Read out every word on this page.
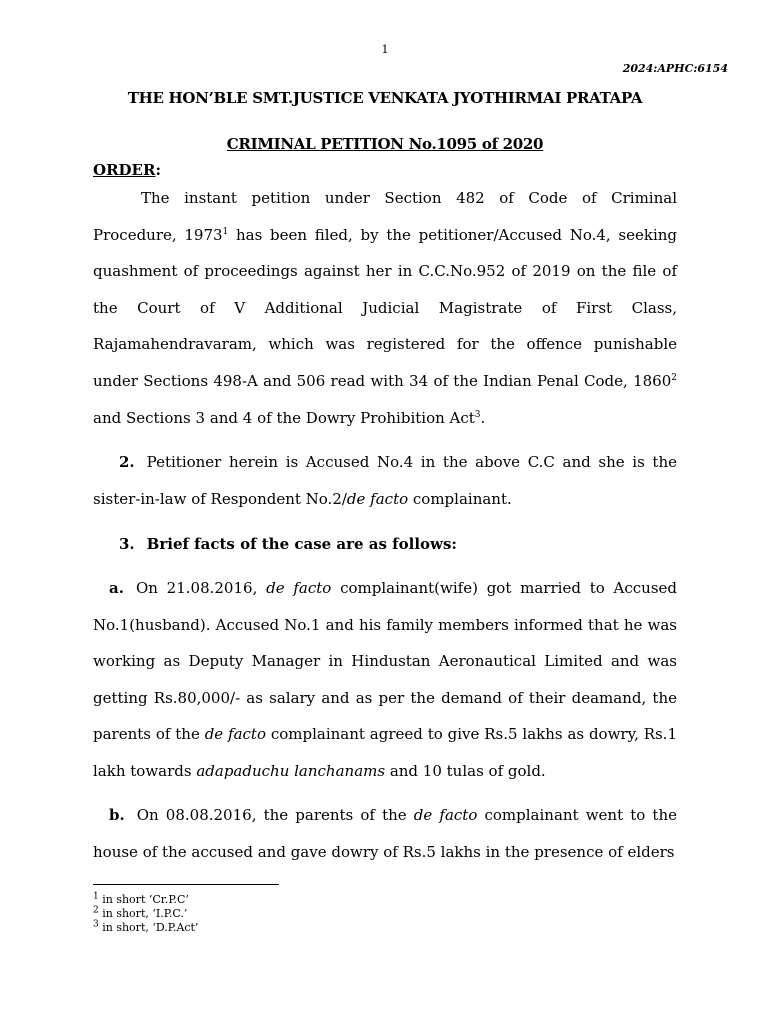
1
2024:APHC:6154
THE HON’BLE SMT.JUSTICE VENKATA JYOTHIRMAI PRATAPA
CRIMINAL PETITION No.1095 of 2020
ORDER:
The instant petition under Section 482 of Code of Criminal Procedure, 1973$^1$ has been filed, by the petitioner/Accused No.4, seeking quashment of proceedings against her in C.C.No.952 of 2019 on the file of the Court of V Additional Judicial Magistrate of First Class, Rajamahendravaram, which was registered for the offence punishable under Sections 498-A and 506 read with 34 of the Indian Penal Code, 1860$^2$ and Sections 3 and 4 of the Dowry Prohibition Act$^3$.
2. Petitioner herein is Accused No.4 in the above C.C and she is the sister-in-law of Respondent No.2/de facto complainant.
3. Brief facts of the case are as follows:
a. On 21.08.2016, de facto complainant(wife) got married to Accused No.1(husband). Accused No.1 and his family members informed that he was working as Deputy Manager in Hindustan Aeronautical Limited and was getting Rs.80,000/- as salary and as per the demand of their deamand, the parents of the de facto complainant agreed to give Rs.5 lakhs as dowry, Rs.1 lakh towards adapaduchu lanchanams and 10 tulas of gold.
b. On 08.08.2016, the parents of the de facto complainant went to the house of the accused and gave dowry of Rs.5 lakhs in the presence of elders
$^1$ in short ‘Cr.P.C’
$^2$ in short, ‘I.P.C.’
$^3$ in short, ‘D.P.Act’
